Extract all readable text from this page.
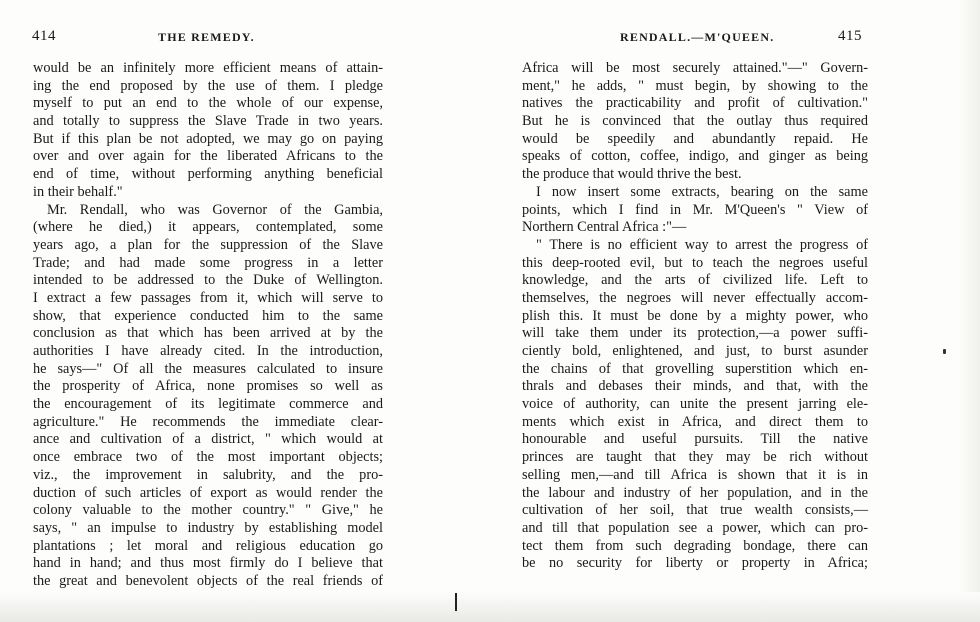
414	THE REMEDY.
would be an infinitely more efficient means of attain-
ing the end proposed by the use of them. I pledge
myself to put an end to the whole of our expense,
and totally to suppress the Slave Trade in two years.
But if this plan be not adopted, we may go on paying
over and over again for the liberated Africans to the
end of time, without performing anything beneficial
in their behalf."
Mr. Rendall, who was Governor of the Gambia,
(where he died,) it appears, contemplated, some
years ago, a plan for the suppression of the Slave
Trade; and had made some progress in a letter
intended to be addressed to the Duke of Wellington.
I extract a few passages from it, which will serve to
show, that experience conducted him to the same
conclusion as that which has been arrived at by the
authorities I have already cited. In the introduction,
he says—" Of all the measures calculated to insure
the prosperity of Africa, none promises so well as
the encouragement of its legitimate commerce and
agriculture." He recommends the immediate clear-
ance and cultivation of a district, " which would at
once embrace two of the most important objects;
viz., the improvement in salubrity, and the pro-
duction of such articles of export as would render the
colony valuable to the mother country." " Give," he
says, " an impulse to industry by establishing model
plantations ; let moral and religious education go
hand in hand; and thus most firmly do I believe that
the great and benevolent objects of the real friends of
RENDALL.—M'QUEEN.	415
Africa will be most securely attained."—" Govern-
ment," he adds, " must begin, by showing to the
natives the practicability and profit of cultivation."
But he is convinced that the outlay thus required
would be speedily and abundantly repaid. He
speaks of cotton, coffee, indigo, and ginger as being
the produce that would thrive the best.
I now insert some extracts, bearing on the same
points, which I find in Mr. M'Queen's " View of
Northern Central Africa :"—
" There is no efficient way to arrest the progress of
this deep-rooted evil, but to teach the negroes useful
knowledge, and the arts of civilized life. Left to
themselves, the negroes will never effectually accom-
plish this. It must be done by a mighty power, who
will take them under its protection,—a power suffi-
ciently bold, enlightened, and just, to burst asunder
the chains of that grovelling superstition which en-
thrals and debases their minds, and that, with the
voice of authority, can unite the present jarring ele-
ments which exist in Africa, and direct them to
honourable and useful pursuits. Till the native
princes are taught that they may be rich without
selling men,—and till Africa is shown that it is in
the labour and industry of her population, and in the
cultivation of her soil, that true wealth consists,—
and till that population see a power, which can pro-
tect them from such degrading bondage, there can
be no security for liberty or property in Africa;
